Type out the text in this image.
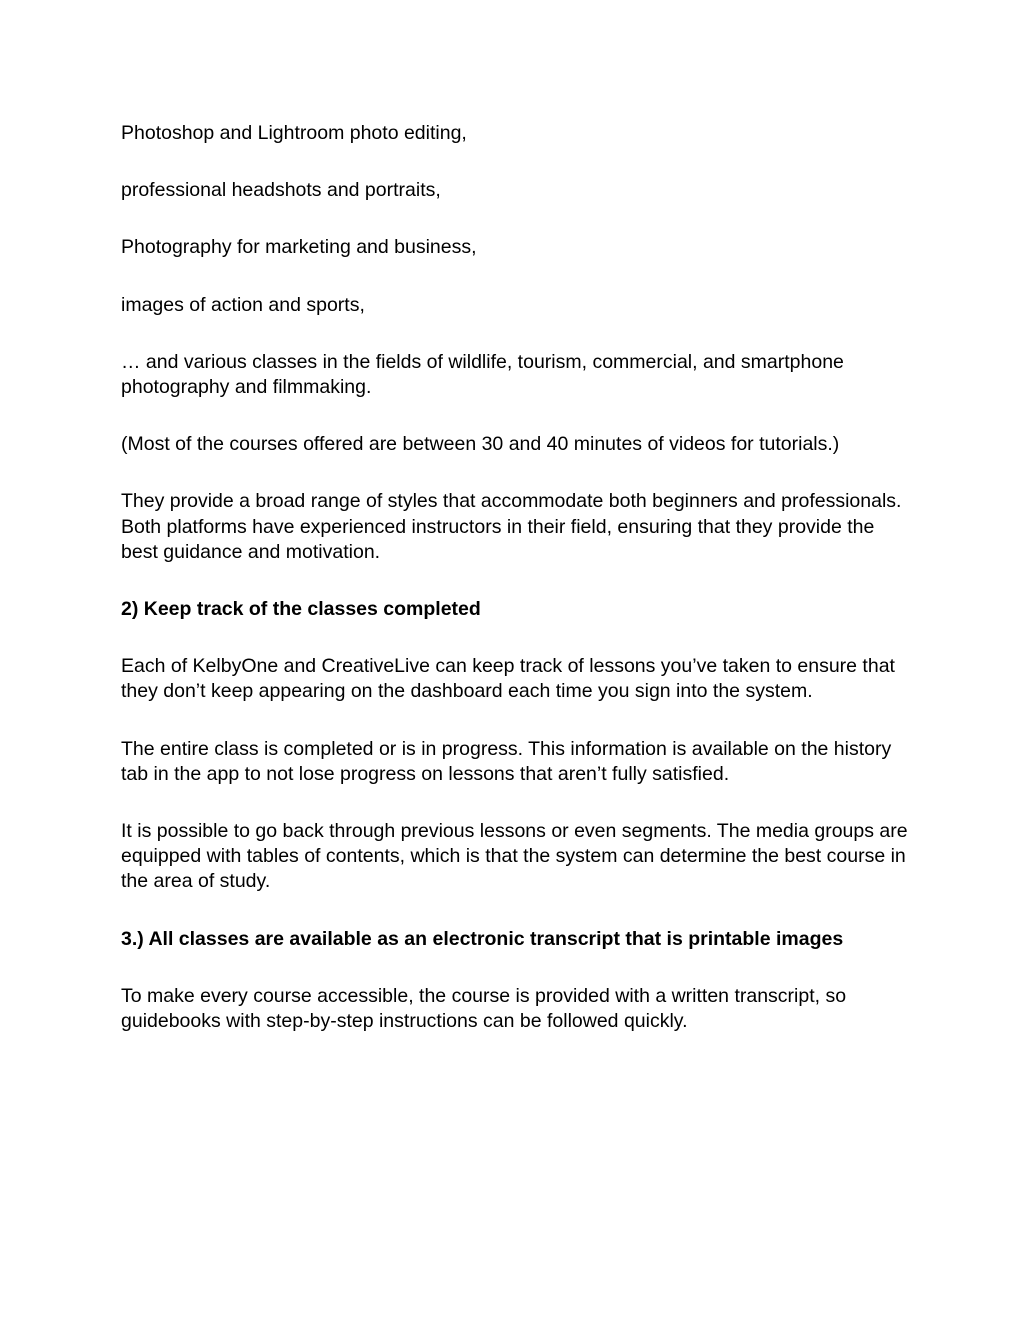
Photoshop and Lightroom photo editing,

professional headshots and portraits,

Photography for marketing and business,

images of action and sports,

… and various classes in the fields of wildlife, tourism, commercial, and smartphone photography and filmmaking.

(Most of the courses offered are between 30 and 40 minutes of videos for tutorials.)

They provide a broad range of styles that accommodate both beginners and professionals. Both platforms have experienced instructors in their field, ensuring that they provide the best guidance and motivation.

2) Keep track of the classes completed

Each of KelbyOne and CreativeLive can keep track of lessons you’ve taken to ensure that they don’t keep appearing on the dashboard each time you sign into the system.

The entire class is completed or is in progress. This information is available on the history tab in the app to not lose progress on lessons that aren’t fully satisfied.

It is possible to go back through previous lessons or even segments. The media groups are equipped with tables of contents, which is that the system can determine the best course in the area of study.

3.) All classes are available as an electronic transcript that is printable images

To make every course accessible, the course is provided with a written transcript, so guidebooks with step-by-step instructions can be followed quickly.
